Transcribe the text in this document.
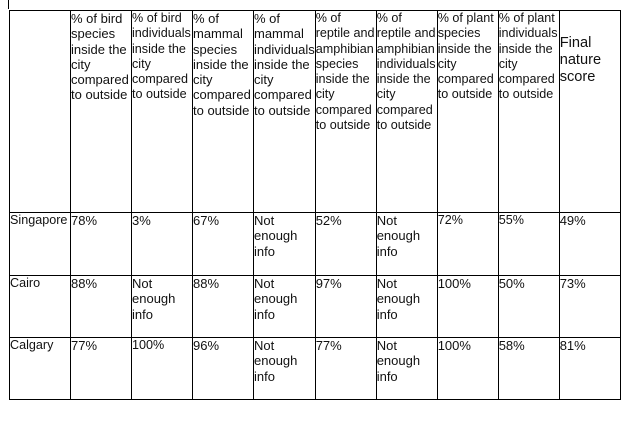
	% of bird species inside the city compared to outside	% of bird individuals inside the city compared to outside	% of mammal species inside the city compared to outside	% of mammal individuals inside the city compared to outside	% of reptile and amphibian species inside the city compared to outside	% of reptile and amphibian individuals inside the city compared to outside	% of plant species inside the city compared to outside	% of plant individuals inside the city compared to outside	Final nature score
Singapore	78%	3%	67%	Not enough info	52%	Not enough info	72%	55%	49%
Cairo	88%	Not enough info	88%	Not enough info	97%	Not enough info	100%	50%	73%
Calgary	77%	100%	96%	Not enough info	77%	Not enough info	100%	58%	81%
